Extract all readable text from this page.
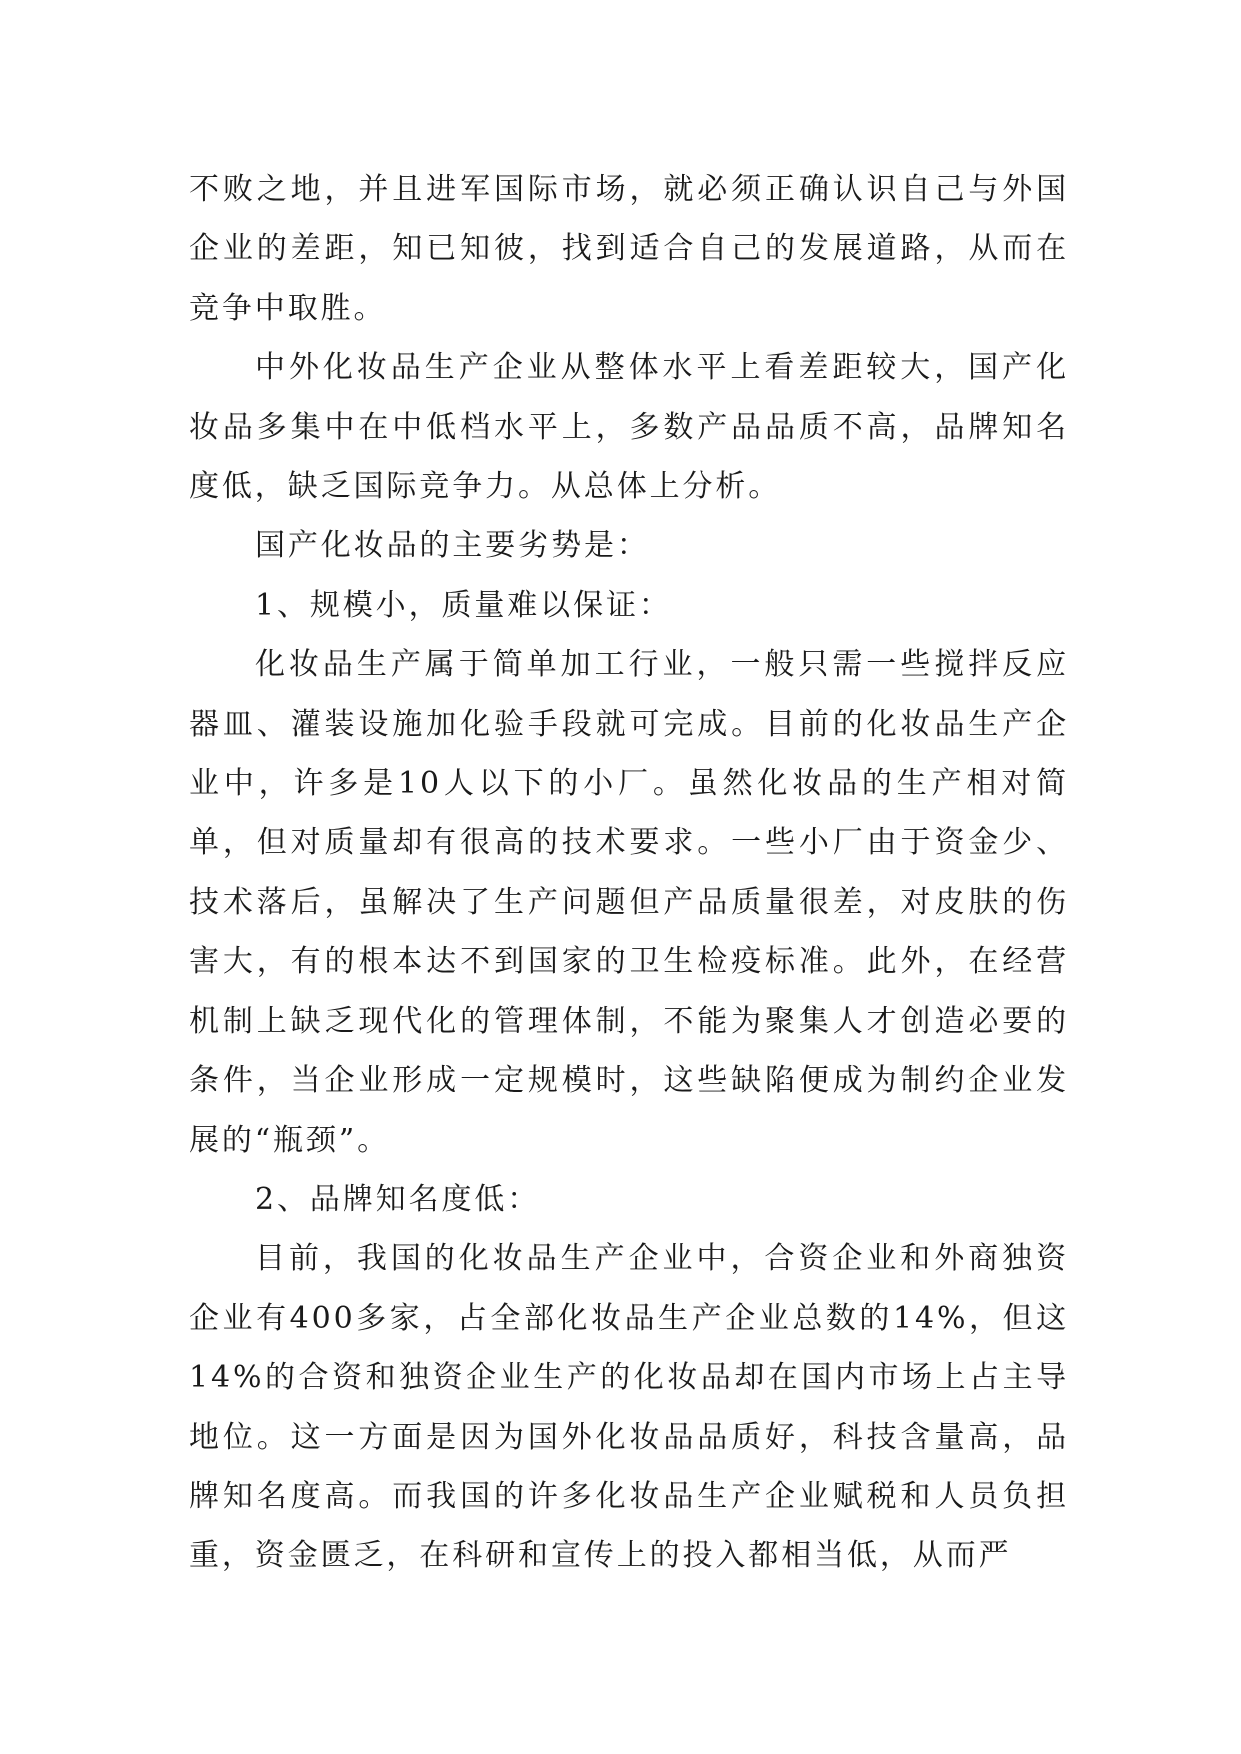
不败之地，并且进军国际市场，就必须正确认识自己与外国企业的差距，知已知彼，找到适合自己的发展道路，从而在竞争中取胜。

中外化妆品生产企业从整体水平上看差距较大，国产化妆品多集中在中低档水平上，多数产品品质不高，品牌知名度低，缺乏国际竞争力。从总体上分析。

国产化妆品的主要劣势是：

1、规模小，质量难以保证：

化妆品生产属于简单加工行业，一般只需一些搅拌反应器皿、灌装设施加化验手段就可完成。目前的化妆品生产企业中，许多是10人以下的小厂。虽然化妆品的生产相对简单，但对质量却有很高的技术要求。一些小厂由于资金少、技术落后，虽解决了生产问题但产品质量很差，对皮肤的伤害大，有的根本达不到国家的卫生检疫标准。此外，在经营机制上缺乏现代化的管理体制，不能为聚集人才创造必要的条件，当企业形成一定规模时，这些缺陷便成为制约企业发展的“瓶颈”。

2、品牌知名度低：

目前，我国的化妆品生产企业中，合资企业和外商独资企业有400多家，占全部化妆品生产企业总数的14%，但这14%的合资和独资企业生产的化妆品却在国内市场上占主导地位。这一方面是因为国外化妆品品质好，科技含量高，品牌知名度高。而我国的许多化妆品生产企业赋税和人员负担重，资金匮乏，在科研和宣传上的投入都相当低，从而严
